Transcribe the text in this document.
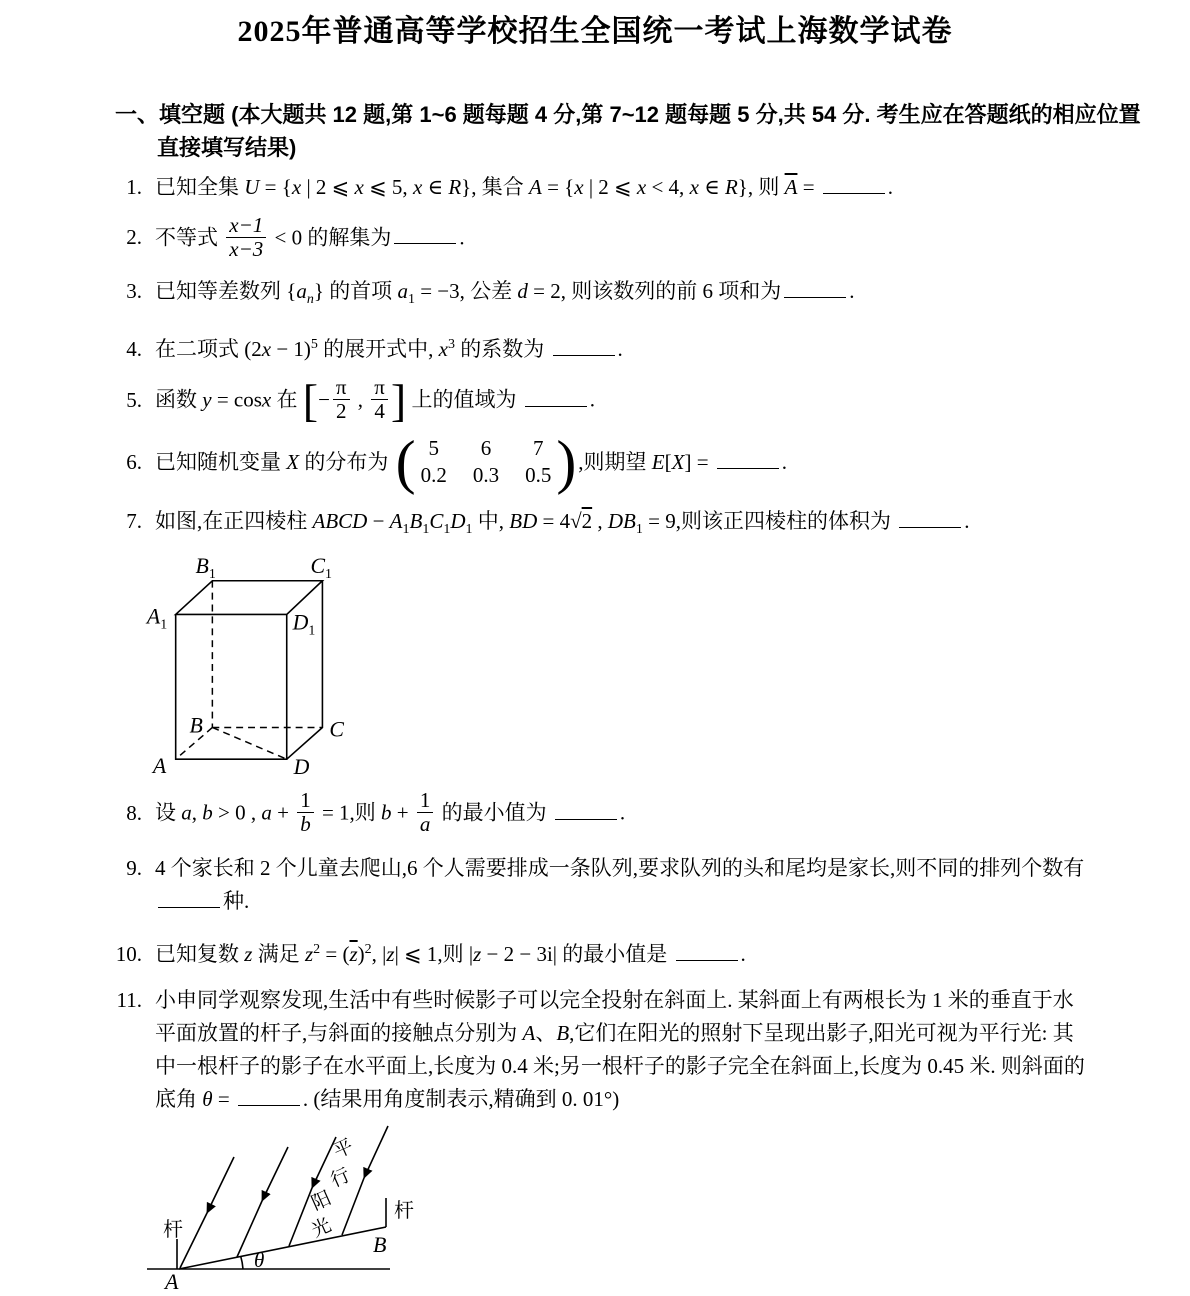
2025年普通高等学校招生全国统一考试上海数学试卷
一、填空题 (本大题共 12 题,第 1~6 题每题 4 分,第 7~12 题每题 5 分,共 54 分. 考生应在答题纸的相应位置直接填写结果)
1. 已知全集 U = {x | 2 ⩽ x ⩽ 5, x ∈ R}, 集合 A = {x | 2 ⩽ x < 4, x ∈ R}, 则 $\overline{A}$ =	.
2. 不等式 $\frac{x-1}{x-3} < 0$ 的解集为	.
3. 已知等差数列 $\{a_n\}$ 的首项 $a_1 = -3$, 公差 d = 2, 则该数列的前 6 项和为	.
4. 在二项式 $(2x - 1)^5$ 的展开式中, $x^3$ 的系数为	.
5. 函数 y = cosx 在 [− $\frac{\pi}{2}$ , $\frac{\pi}{4}$ ] 上的值域为	.
6. 已知随机变量 X 的分布为 ( 5	6	7
0.2 0.3 0.5 ) ,则期望 E[X] =	.
7. 如图,在正四棱柱 ABCD − $A_1B_1C_1D_1$ 中, BD = 4√2 , $DB_1 = 9$,则该正四棱柱的体积为	.
$A_1$
$B_1$	$C_1$
$D_1$
A
B	C
D
8. 设 a, b > 0 , $a + \frac{1}{b} = 1$,则 $b + \frac{1}{a}$ 的最小值为	.
9. 4 个家长和 2 个儿童去爬山,6 个人需要排成一条队列,要求队列的头和尾均是家长,则不同的排列个数有 种.
10. 已知复数 z 满足 $z^2 = (\overline{z})^2$, |z| ⩽ 1,则 |z − 2 − 3i| 的最小值是	.
11. 小申同学观察发现,生活中有些时候影子可以完全投射在斜面上. 某斜面上有两根长为 1 米的垂直于水平面放置的杆子,与斜面的接触点分别为 A、B,它们在阳光的照射下呈现出影子,阳光可视为平行光: 其中一根杆子的影子在水平面上,长度为 0.4 米;另一根杆子的影子完全在斜面上,长度为 0.45 米. 则斜面的底角 θ =	. (结果用角度制表示,精确到 0. 01°)
杆
杆
A
B
θ
平
行
阳
光
